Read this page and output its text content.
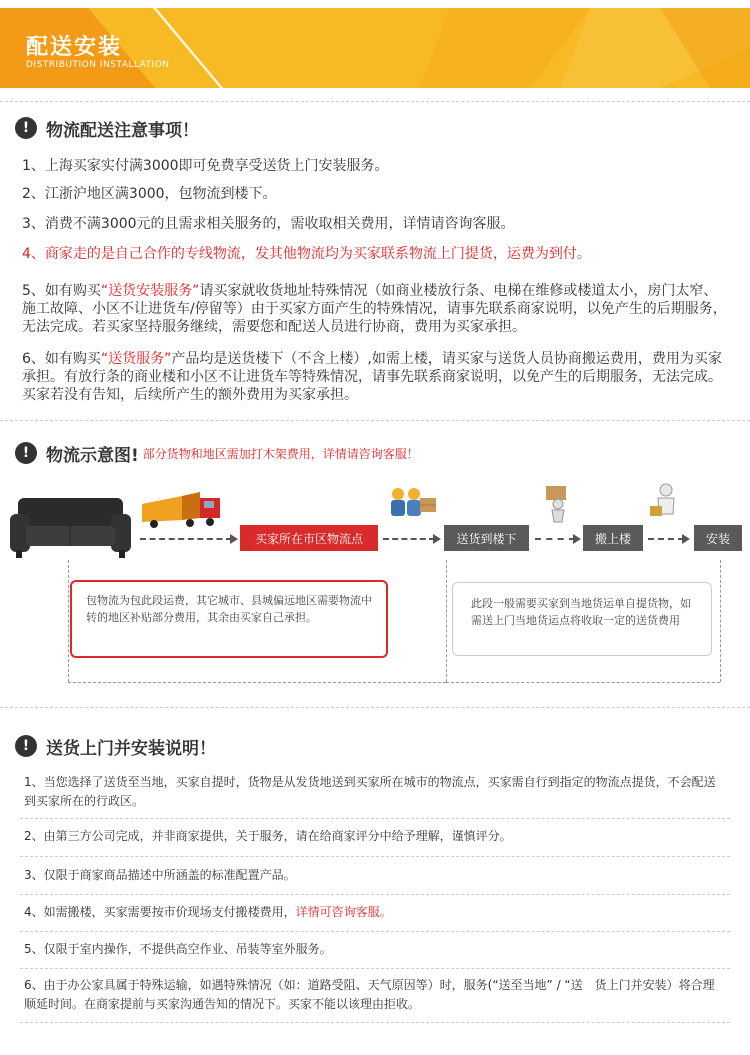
配送安装
DISTRIBUTION INSTALLATION
! 物流配送注意事项！
1、上海买家实付满3000即可免费享受送货上门安装服务。
2、江浙沪地区满3000，包物流到楼下。
3、消费不满3000元的且需求相关服务的，需收取相关费用，详情请咨询客服。
4、商家走的是自己合作的专线物流，发其他物流均为买家联系物流上门提货，运费为到付。
5、如有购买“送货安装服务”请买家就收货地址特殊情况（如商业楼放行条、电梯在维修或楼道太小，房门太窄、施工故障、小区不让进货车/停留等）由于买家方面产生的特殊情况，请事先联系商家说明，以免产生的后期服务，无法完成。若买家坚持服务继续，需要您和配送人员进行协商，费用为买家承担。
6、如有购买“送货服务”产品均是送货楼下（不含上楼）,如需上楼，请买家与送货人员协商搬运费用，费用为买家承担。有放行条的商业楼和小区不让进货车等特殊情况，请事先联系商家说明，以免产生的后期服务，无法完成。买家若没有告知，后续所产生的额外费用为买家承担。
! 物流示意图! 部分货物和地区需加打木架费用，详情请咨询客服！
买家所在市区物流点	送货到楼下	搬上楼	安装
包物流为包此段运费，其它城市、县城偏远地区需要物流中转的地区补贴部分费用，其余由买家自己承担。
此段一般需要买家到当地货运单自提货物，如需送上门当地货运点将收取一定的送货费用
! 送货上门并安装说明！
1、当您选择了送货至当地，买家自提时，货物是从发货地送到买家所在城市的物流点，买家需自行到指定的物流点提货，不会配送到买家所在的行政区。
2、由第三方公司完成，并非商家提供，关于服务，请在给商家评分中给予理解，谨慎评分。
3、仅限于商家商品描述中所涵盖的标准配置产品。
4、如需搬楼，买家需要按市价现场支付搬楼费用，详情可咨询客服。
5、仅限于室内操作，不提供高空作业、吊装等室外服务。
6、由于办公家具属于特殊运输，如遇特殊情况（如：道路受阻、天气原因等）时，服务(“送至当地” / “送　货上门并安装）将合理顺延时间。在商家提前与买家沟通告知的情况下。买家不能以该理由拒收。
